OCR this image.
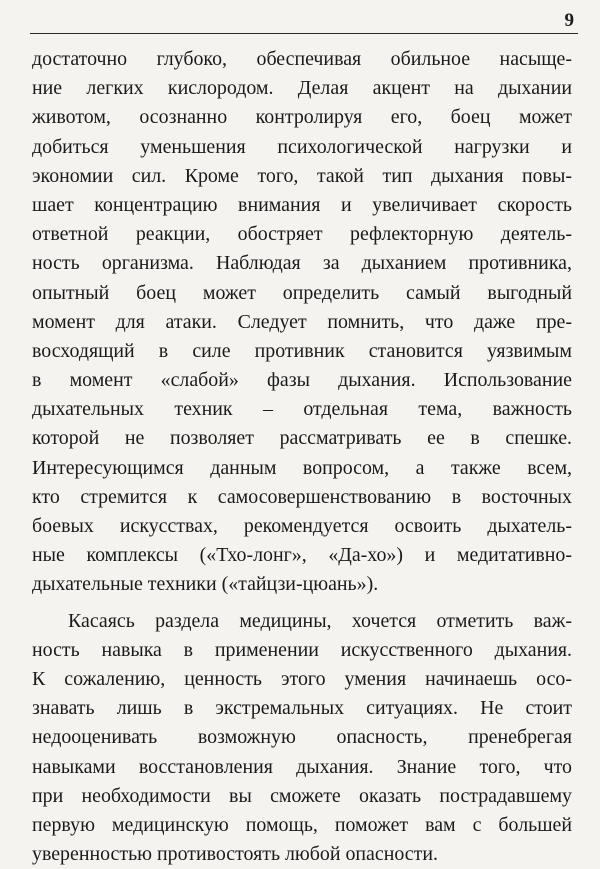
9
достаточно глубоко, обеспечивая обильное насыще-
ние легких кислородом. Делая акцент на дыхании
животом, осознанно контролируя его, боец может
добиться уменьшения психологической нагрузки и
экономии сил. Кроме того, такой тип дыхания повы-
шает концентрацию внимания и увеличивает скорость
ответной реакции, обостряет рефлекторную деятель-
ность организма. Наблюдая за дыханием противника,
опытный боец может определить самый выгодный
момент для атаки. Следует помнить, что даже пре-
восходящий в силе противник становится уязвимым
в момент «слабой» фазы дыхания. Использование
дыхательных техник – отдельная тема, важность
которой не позволяет рассматривать ее в спешке.
Интересующимся данным вопросом, а также всем,
кто стремится к самосовершенствованию в восточных
боевых искусствах, рекомендуется освоить дыхатель-
ные комплексы («Тхо-лонг», «Да-хо») и медитативно-
дыхательные техники («тайцзи-цюань»).
Касаясь раздела медицины, хочется отметить важ-
ность навыка в применении искусственного дыхания.
К сожалению, ценность этого умения начинаешь осо-
знавать лишь в экстремальных ситуациях. Не стоит
недооценивать возможную опасность, пренебрегая
навыками восстановления дыхания. Знание того, что
при необходимости вы сможете оказать пострадавшему
первую медицинскую помощь, поможет вам с большей
уверенностью противостоять любой опасности.
